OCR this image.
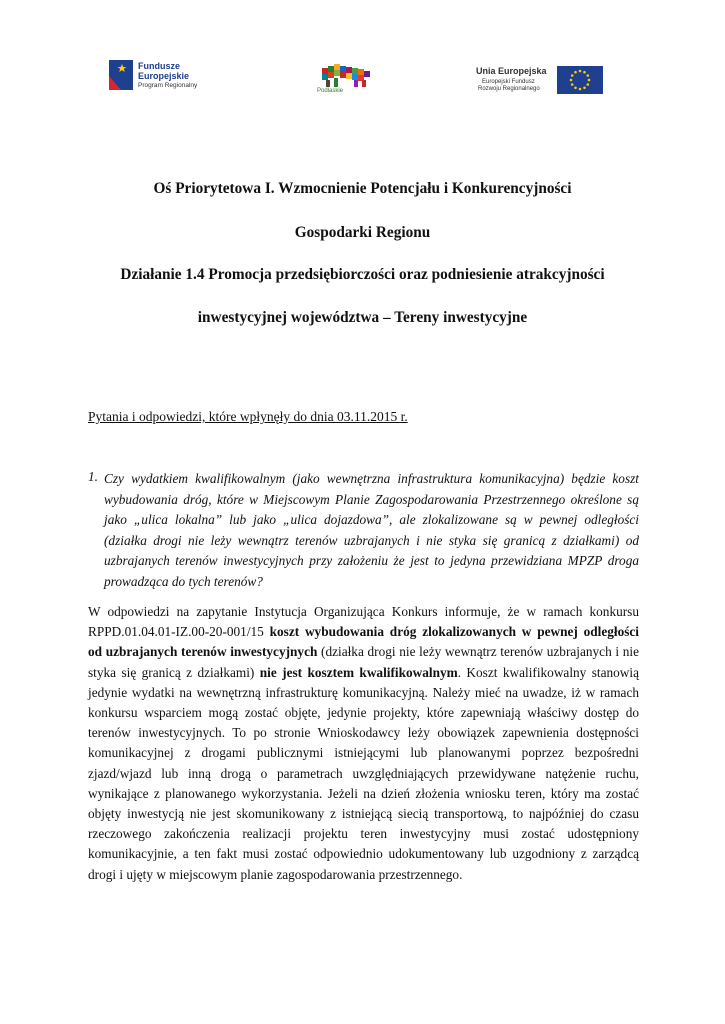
Fundusze
Europejskie
Program Regionalny
Podlaskie
Unia Europejska
Europejski Fundusz
Rozwoju Regionalnego
Oś Priorytetowa I. Wzmocnienie Potencjału i Konkurencyjności
Gospodarki Regionu
Działanie 1.4 Promocja przedsiębiorczości oraz podniesienie atrakcyjności
inwestycyjnej województwa – Tereny inwestycyjne
Pytania i odpowiedzi, które wpłynęły do dnia 03.11.2015 r.
1. Czy wydatkiem kwalifikowalnym (jako wewnętrzna infrastruktura komunikacyjna) będzie koszt wybudowania dróg, które w Miejscowym Planie Zagospodarowania Przestrzennego określone są jako „ulica lokalna” lub jako „ulica dojazdowa”, ale zlokalizowane są w pewnej odległości (działka drogi nie leży wewnątrz terenów uzbrajanych i nie styka się granicą z działkami) od uzbrajanych terenów inwestycyjnych przy założeniu że jest to jedyna przewidziana MPZP droga prowadząca do tych terenów?
W odpowiedzi na zapytanie Instytucja Organizująca Konkurs informuje, że w ramach konkursu RPPD.01.04.01-IZ.00-20-001/15 koszt wybudowania dróg zlokalizowanych w pewnej odległości od uzbrajanych terenów inwestycyjnych (działka drogi nie leży wewnątrz terenów uzbrajanych i nie styka się granicą z działkami) nie jest kosztem kwalifikowalnym. Koszt kwalifikowalny stanowią jedynie wydatki na wewnętrzną infrastrukturę komunikacyjną. Należy mieć na uwadze, iż w ramach konkursu wsparciem mogą zostać objęte, jedynie projekty, które zapewniają właściwy dostęp do terenów inwestycyjnych. To po stronie Wnioskodawcy leży obowiązek zapewnienia dostępności komunikacyjnej z drogami publicznymi istniejącymi lub planowanymi poprzez bezpośredni zjazd/wjazd lub inną drogą o parametrach uwzględniających przewidywane natężenie ruchu, wynikające z planowanego wykorzystania. Jeżeli na dzień złożenia wniosku teren, który ma zostać objęty inwestycją nie jest skomunikowany z istniejącą siecią transportową, to najpóźniej do czasu rzeczowego zakończenia realizacji projektu teren inwestycyjny musi zostać udostępniony komunikacyjnie, a ten fakt musi zostać odpowiednio udokumentowany lub uzgodniony z zarządcą drogi i ujęty w miejscowym planie zagospodarowania przestrzennego.
